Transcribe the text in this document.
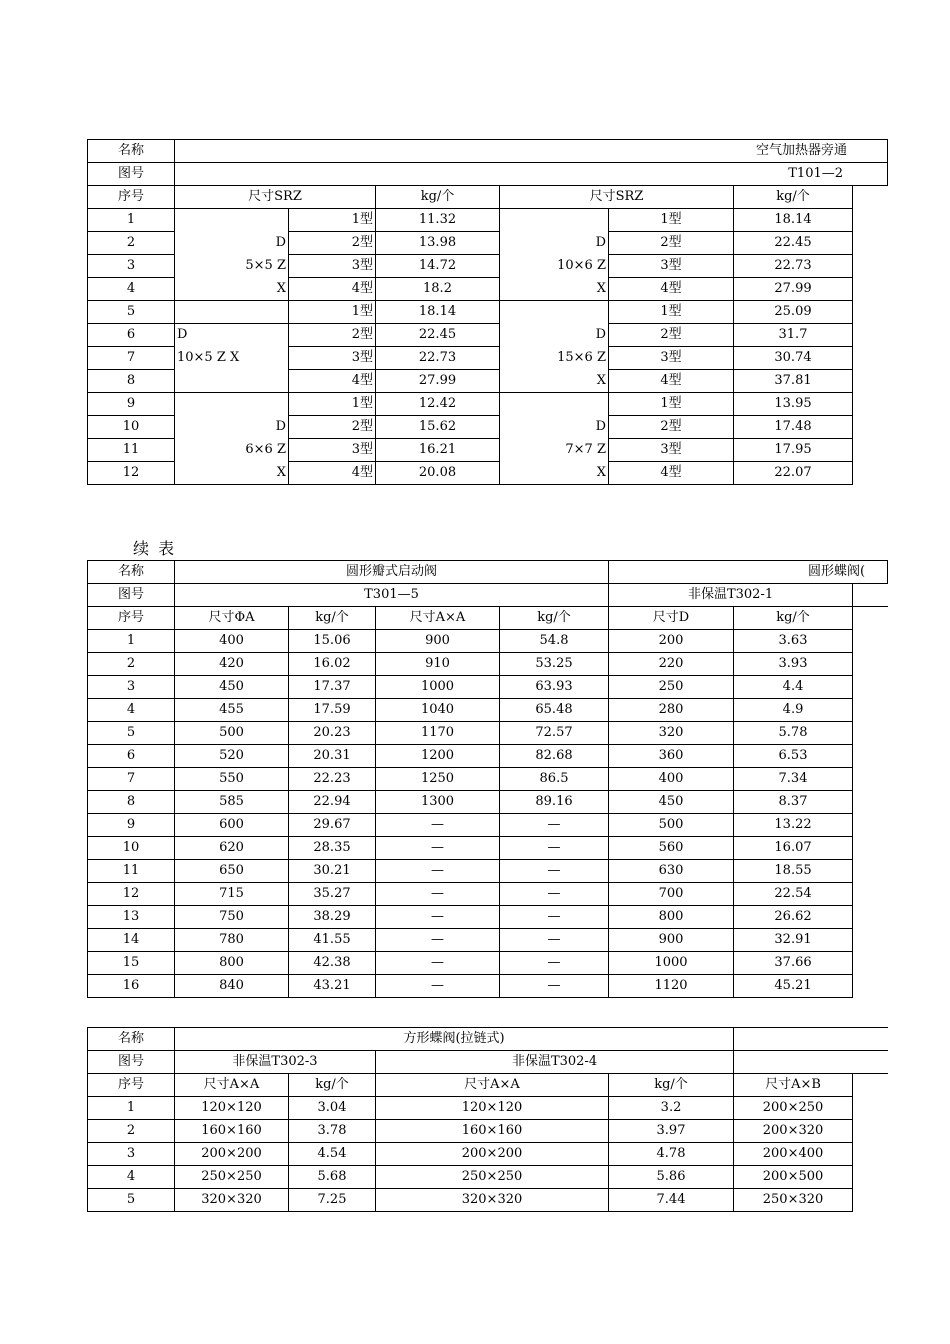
名称	空气加热器旁通						
图号	T101—2						
序号	尺寸SRZ		kg/个	尺寸SRZ		kg/个	
1		1型	11.32		1型	18.14	
2	D	2型	13.98	D	2型	22.45	
3	5×5 Z	3型	14.72	10×6 Z	3型	22.73	
4	X	4型	18.2	X	4型	27.99	
5		1型	18.14		1型	25.09	
6	D	2型	22.45	D	2型	31.7	
7	10×5 Z X	3型	22.73	15×6 Z	3型	30.74	
8		4型	27.99	X	4型	37.81	
9		1型	12.42		1型	13.95	
10	D	2型	15.62	D	2型	17.48	
11	6×6 Z	3型	16.21	7×7 Z	3型	17.95	
12	X	4型	20.08	X	4型	22.07	
续 表
名称	圆形瓣式启动阀				圆形蝶阀(		
图号	T301—5				非保温T302-1		
序号	尺寸ΦA	kg/个	尺寸A×A	kg/个	尺寸D	kg/个	
1	400	15.06	900	54.8	200	3.63	
2	420	16.02	910	53.25	220	3.93	
3	450	17.37	1000	63.93	250	4.4	
4	455	17.59	1040	65.48	280	4.9	
5	500	20.23	1170	72.57	320	5.78	
6	520	20.31	1200	82.68	360	6.53	
7	550	22.23	1250	86.5	400	7.34	
8	585	22.94	1300	89.16	450	8.37	
9	600	29.67	—	—	500	13.22	
10	620	28.35	—	—	560	16.07	
11	650	30.21	—	—	630	18.55	
12	715	35.27	—	—	700	22.54	
13	750	38.29	—	—	800	26.62	
14	780	41.55	—	—	900	32.91	
15	800	42.38	—	—	1000	37.66	
16	840	43.21	—	—	1120	45.21	
名称	方形蝶阀(拉链式)					
图号	非保温T302-3		非保温T302-4			
序号	尺寸A×A	kg/个	尺寸A×A	kg/个	尺寸A×B	
1	120×120	3.04	120×120	3.2	200×250	
2	160×160	3.78	160×160	3.97	200×320	
3	200×200	4.54	200×200	4.78	200×400	
4	250×250	5.68	250×250	5.86	200×500	
5	320×320	7.25	320×320	7.44	250×320	
